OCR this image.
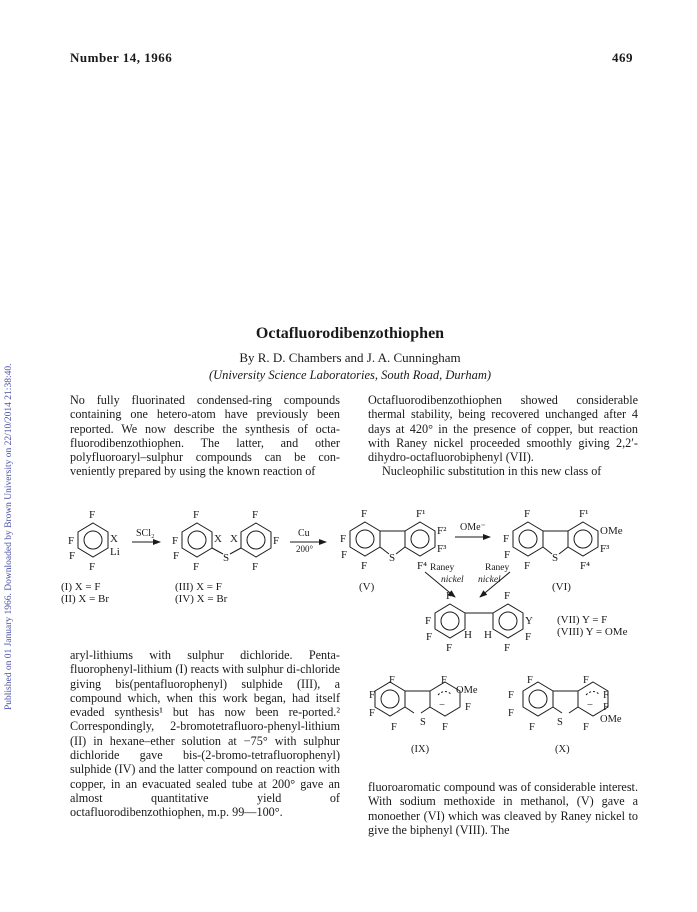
Published on 01 January 1966. Downloaded by Brown University on 22/10/2014 21:38:40.
Number 14, 1966	469
Octafluorodibenzothiophen
By R. D. Chambers and J. A. Cunningham
(University Science Laboratories, South Road, Durham)

No fully fluorinated condensed-ring compounds containing one hetero-atom have previously been reported. We now describe the synthesis of octa-fluorodibenzothiophen. The latter, and other polyfluoroaryl–sulphur compounds can be con-veniently prepared by using the known reaction of

Octafluorodibenzothiophen showed considerable thermal stability, being recovered unchanged after 4 days at 420° in the presence of copper, but reaction with Raney nickel proceeded smoothly giving 2,2′-dihydro-octafluorobiphenyl (VII).

Nucleophilic substitution in this new class of

F
F
F
F
X
Li
SCl₂
(I) X = F
(II) X = Br
F
F
F
F
X X
S
F
F
F
(III) X = F
(IV) X = Br
Cu
200°
F
F
F
F
S
F¹
F²
F³
F⁴
(V)
OMe⁻
F
F
F
F
S
F¹
OMe
F³
F⁴
(VI)
Raney
nickel
Raney
nickel
F
F
F
F
H H
F
Y
F
F
(VII) Y = F
(VIII) Y = OMe
F
F
F
F S
F
OMe
F
F
−
(IX)
F
F
F
F S
F
F
F
OMe
F
−
(X)

aryl-lithiums with sulphur dichloride. Penta-fluorophenyl-lithium (I) reacts with sulphur di-chloride giving bis(pentafluorophenyl) sulphide (III), a compound which, when this work began, had itself evaded synthesis¹ but has now been re-ported.² Correspondingly, 2-bromotetrafluoro-phenyl-lithium (II) in hexane–ether solution at −75° with sulphur dichloride gave bis-(2-bromo-tetrafluorophenyl) sulphide (IV) and the latter compound on reaction with copper, in an evacuated sealed tube at 200° gave an almost quantitative yield of octafluorodibenzothiophen, m.p. 99—100°.

fluoroaromatic compound was of considerable interest. With sodium methoxide in methanol, (V) gave a monoether (VI) which was cleaved by Raney nickel to give the biphenyl (VIII). The
